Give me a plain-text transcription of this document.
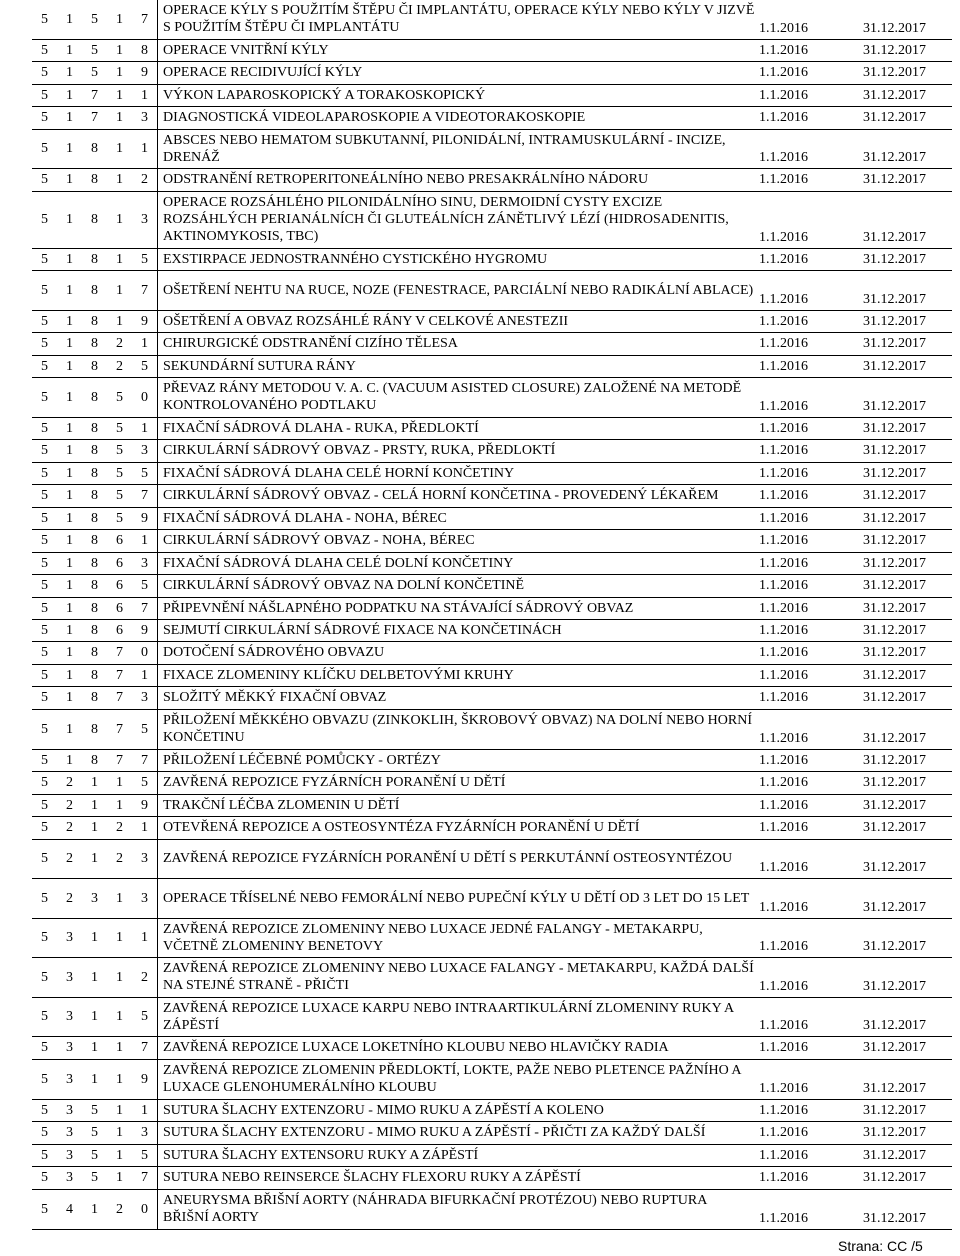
5	1	5	1	7	OPERACE KÝLY S POUŽITÍM ŠTĚPU ČI IMPLANTÁTU, OPERACE KÝLY NEBO KÝLY V JIZVĚ S POUŽITÍM ŠTĚPU ČI IMPLANTÁTU	1.1.2016	31.12.2017
5	1	5	1	8	OPERACE VNITŘNÍ KÝLY	1.1.2016	31.12.2017
5	1	5	1	9	OPERACE RECIDIVUJÍCÍ KÝLY	1.1.2016	31.12.2017
5	1	7	1	1	VÝKON LAPAROSKOPICKÝ A TORAKOSKOPICKÝ	1.1.2016	31.12.2017
5	1	7	1	3	DIAGNOSTICKÁ VIDEOLAPAROSKOPIE A VIDEOTORAKOSKOPIE	1.1.2016	31.12.2017
5	1	8	1	1	ABSCES NEBO HEMATOM SUBKUTANNÍ, PILONIDÁLNÍ, INTRAMUSKULÁRNÍ - INCIZE, DRENÁŽ	1.1.2016	31.12.2017
5	1	8	1	2	ODSTRANĚNÍ RETROPERITONEÁLNÍHO NEBO PRESAKRÁLNÍHO NÁDORU	1.1.2016	31.12.2017
5	1	8	1	3	OPERACE ROZSÁHLÉHO PILONIDÁLNÍHO SINU, DERMOIDNÍ CYSTY EXCIZE ROZSÁHLÝCH PERIANÁLNÍCH ČI GLUTEÁLNÍCH ZÁNĚTLIVÝ LÉZÍ (HIDROSADENITIS, AKTINOMYKOSIS, TBC)	1.1.2016	31.12.2017
5	1	8	1	5	EXSTIRPACE JEDNOSTRANNÉHO CYSTICKÉHO HYGROMU	1.1.2016	31.12.2017
5	1	8	1	7	OŠETŘENÍ NEHTU NA RUCE, NOZE (FENESTRACE, PARCIÁLNÍ NEBO RADIKÁLNÍ ABLACE)	1.1.2016	31.12.2017
5	1	8	1	9	OŠETŘENÍ A OBVAZ ROZSÁHLÉ RÁNY V CELKOVÉ ANESTEZII	1.1.2016	31.12.2017
5	1	8	2	1	CHIRURGICKÉ ODSTRANĚNÍ CIZÍHO TĚLESA	1.1.2016	31.12.2017
5	1	8	2	5	SEKUNDÁRNÍ SUTURA RÁNY	1.1.2016	31.12.2017
5	1	8	5	0	PŘEVAZ RÁNY METODOU V. A. C. (VACUUM ASISTED CLOSURE) ZALOŽENÉ NA METODĚ KONTROLOVANÉHO PODTLAKU	1.1.2016	31.12.2017
5	1	8	5	1	FIXAČNÍ SÁDROVÁ DLAHA - RUKA, PŘEDLOKTÍ	1.1.2016	31.12.2017
5	1	8	5	3	CIRKULÁRNÍ SÁDROVÝ OBVAZ - PRSTY, RUKA, PŘEDLOKTÍ	1.1.2016	31.12.2017
5	1	8	5	5	FIXAČNÍ SÁDROVÁ DLAHA CELÉ HORNÍ KONČETINY	1.1.2016	31.12.2017
5	1	8	5	7	CIRKULÁRNÍ SÁDROVÝ OBVAZ - CELÁ HORNÍ KONČETINA - PROVEDENÝ LÉKAŘEM	1.1.2016	31.12.2017
5	1	8	5	9	FIXAČNÍ SÁDROVÁ DLAHA - NOHA, BÉREC	1.1.2016	31.12.2017
5	1	8	6	1	CIRKULÁRNÍ SÁDROVÝ OBVAZ - NOHA, BÉREC	1.1.2016	31.12.2017
5	1	8	6	3	FIXAČNÍ SÁDROVÁ DLAHA CELÉ DOLNÍ KONČETINY	1.1.2016	31.12.2017
5	1	8	6	5	CIRKULÁRNÍ SÁDROVÝ OBVAZ NA DOLNÍ KONČETINĚ	1.1.2016	31.12.2017
5	1	8	6	7	PŘIPEVNĚNÍ NÁŠLAPNÉHO PODPATKU NA STÁVAJÍCÍ SÁDROVÝ OBVAZ	1.1.2016	31.12.2017
5	1	8	6	9	SEJMUTÍ CIRKULÁRNÍ SÁDROVÉ FIXACE NA KONČETINÁCH	1.1.2016	31.12.2017
5	1	8	7	0	DOTOČENÍ SÁDROVÉHO OBVAZU	1.1.2016	31.12.2017
5	1	8	7	1	FIXACE ZLOMENINY KLÍČKU DELBETOVÝMI KRUHY	1.1.2016	31.12.2017
5	1	8	7	3	SLOŽITÝ MĚKKÝ FIXAČNÍ OBVAZ	1.1.2016	31.12.2017
5	1	8	7	5	PŘILOŽENÍ MĚKKÉHO OBVAZU (ZINKOKLIH, ŠKROBOVÝ OBVAZ) NA DOLNÍ NEBO HORNÍ KONČETINU	1.1.2016	31.12.2017
5	1	8	7	7	PŘILOŽENÍ LÉČEBNÉ POMŮCKY - ORTÉZY	1.1.2016	31.12.2017
5	2	1	1	5	ZAVŘENÁ REPOZICE FYZÁRNÍCH PORANĚNÍ U DĚTÍ	1.1.2016	31.12.2017
5	2	1	1	9	TRAKČNÍ LÉČBA ZLOMENIN U DĚTÍ	1.1.2016	31.12.2017
5	2	1	2	1	OTEVŘENÁ REPOZICE A OSTEOSYNTÉZA FYZÁRNÍCH PORANĚNÍ U DĚTÍ	1.1.2016	31.12.2017
5	2	1	2	3	ZAVŘENÁ REPOZICE FYZÁRNÍCH PORANĚNÍ U DĚTÍ S PERKUTÁNNÍ OSTEOSYNTÉZOU	1.1.2016	31.12.2017
5	2	3	1	3	OPERACE TŘÍSELNÉ NEBO FEMORÁLNÍ NEBO PUPEČNÍ KÝLY U DĚTÍ OD 3 LET DO 15 LET	1.1.2016	31.12.2017
5	3	1	1	1	ZAVŘENÁ REPOZICE ZLOMENINY NEBO LUXACE JEDNÉ FALANGY - METAKARPU, VČETNĚ ZLOMENINY BENETOVY	1.1.2016	31.12.2017
5	3	1	1	2	ZAVŘENÁ REPOZICE ZLOMENINY NEBO LUXACE FALANGY - METAKARPU, KAŽDÁ DALŠÍ NA STEJNÉ STRANĚ - PŘIČTI	1.1.2016	31.12.2017
5	3	1	1	5	ZAVŘENÁ REPOZICE LUXACE KARPU NEBO INTRAARTIKULÁRNÍ ZLOMENINY RUKY A ZÁPĚSTÍ	1.1.2016	31.12.2017
5	3	1	1	7	ZAVŘENÁ REPOZICE LUXACE LOKETNÍHO KLOUBU NEBO HLAVIČKY RADIA	1.1.2016	31.12.2017
5	3	1	1	9	ZAVŘENÁ REPOZICE ZLOMENIN PŘEDLOKTÍ, LOKTE, PAŽE NEBO PLETENCE PAŽNÍHO A LUXACE GLENOHUMERÁLNÍHO KLOUBU	1.1.2016	31.12.2017
5	3	5	1	1	SUTURA ŠLACHY EXTENZORU - MIMO RUKU A ZÁPĚSTÍ A KOLENO	1.1.2016	31.12.2017
5	3	5	1	3	SUTURA ŠLACHY EXTENZORU - MIMO RUKU A ZÁPĚSTÍ - PŘIČTI ZA KAŽDÝ DALŠÍ	1.1.2016	31.12.2017
5	3	5	1	5	SUTURA ŠLACHY EXTENSORU RUKY A ZÁPĚSTÍ	1.1.2016	31.12.2017
5	3	5	1	7	SUTURA NEBO REINSERCE ŠLACHY FLEXORU RUKY A ZÁPĚSTÍ	1.1.2016	31.12.2017
5	4	1	2	0	ANEURYSMA BŘIŠNÍ AORTY (NÁHRADA BIFURKAČNÍ PROTÉZOU) NEBO RUPTURA BŘIŠNÍ AORTY	1.1.2016	31.12.2017
Strana: CC /5
